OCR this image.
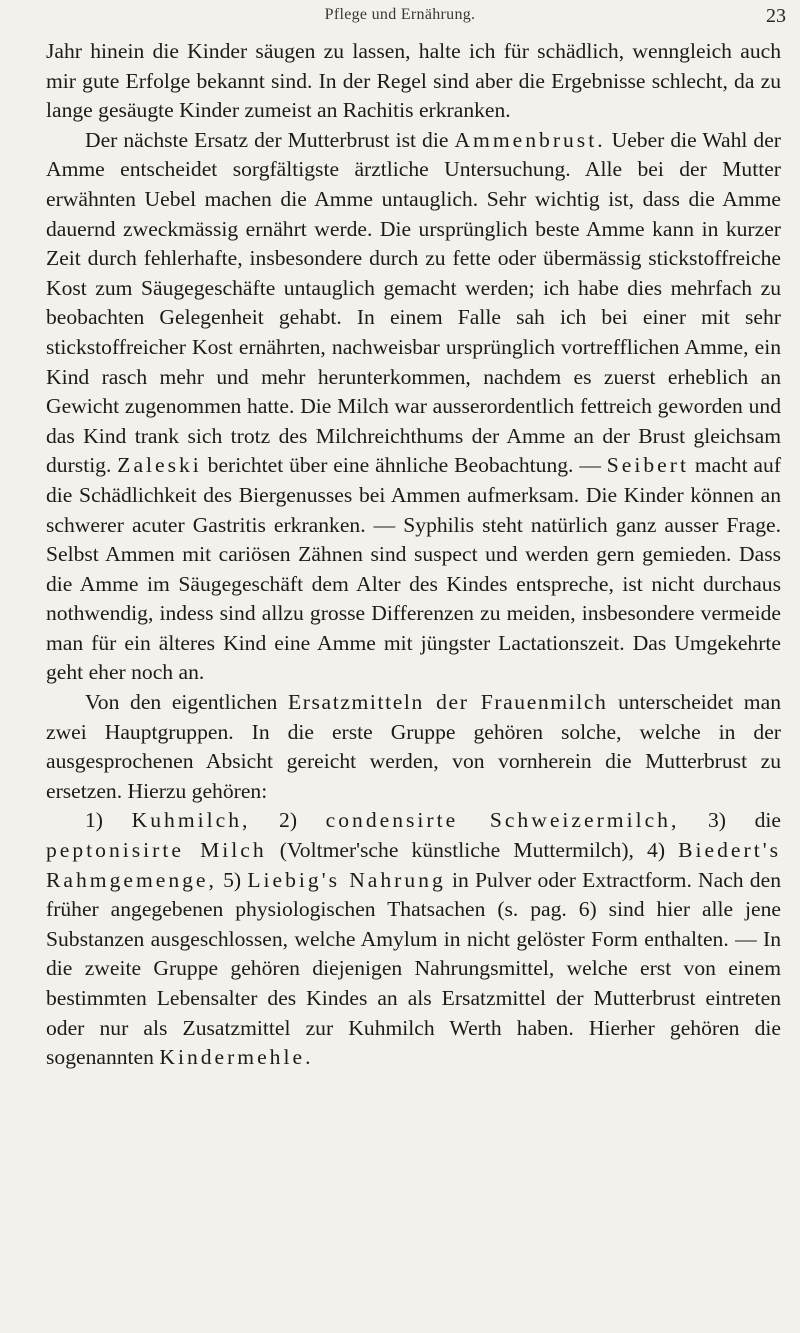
Pflege und Ernährung.	23

Jahr hinein die Kinder säugen zu lassen, halte ich für schädlich, wenngleich auch mir gute Erfolge bekannt sind. In der Regel sind aber die Ergebnisse schlecht, da zu lange gesäugte Kinder zumeist an Rachitis erkranken.

Der nächste Ersatz der Mutterbrust ist die Ammenbrust. Ueber die Wahl der Amme entscheidet sorgfältigste ärztliche Untersuchung. Alle bei der Mutter erwähnten Uebel machen die Amme untauglich. Sehr wichtig ist, dass die Amme dauernd zweckmässig ernährt werde. Die ursprünglich beste Amme kann in kurzer Zeit durch fehlerhafte, insbesondere durch zu fette oder übermässig stickstoffreiche Kost zum Säugegeschäfte untauglich gemacht werden; ich habe dies mehrfach zu beobachten Gelegenheit gehabt. In einem Falle sah ich bei einer mit sehr stickstoffreicher Kost ernährten, nachweisbar ursprünglich vortrefflichen Amme, ein Kind rasch mehr und mehr herunterkommen, nachdem es zuerst erheblich an Gewicht zugenommen hatte. Die Milch war ausserordentlich fettreich geworden und das Kind trank sich trotz des Milchreichthums der Amme an der Brust gleichsam durstig. Zaleski berichtet über eine ähnliche Beobachtung. — Seibert macht auf die Schädlichkeit des Biergenusses bei Ammen aufmerksam. Die Kinder können an schwerer acuter Gastritis erkranken. — Syphilis steht natürlich ganz ausser Frage. Selbst Ammen mit cariösen Zähnen sind suspect und werden gern gemieden. Dass die Amme im Säugegeschäft dem Alter des Kindes entspreche, ist nicht durchaus nothwendig, indess sind allzu grosse Differenzen zu meiden, insbesondere vermeide man für ein älteres Kind eine Amme mit jüngster Lactationszeit. Das Umgekehrte geht eher noch an.

Von den eigentlichen Ersatzmitteln der Frauenmilch unterscheidet man zwei Hauptgruppen. In die erste Gruppe gehören solche, welche in der ausgesprochenen Absicht gereicht werden, von vornherein die Mutterbrust zu ersetzen. Hierzu gehören:

1) Kuhmilch, 2) condensirte Schweizermilch, 3) die peptonisirte Milch (Voltmer'sche künstliche Muttermilch), 4) Biedert's Rahmgemenge, 5) Liebig's Nahrung in Pulver oder Extractform. Nach den früher angegebenen physiologischen Thatsachen (s. pag. 6) sind hier alle jene Substanzen ausgeschlossen, welche Amylum in nicht gelöster Form enthalten. — In die zweite Gruppe gehören diejenigen Nahrungsmittel, welche erst von einem bestimmten Lebensalter des Kindes an als Ersatzmittel der Mutterbrust eintreten oder nur als Zusatzmittel zur Kuhmilch Werth haben. Hierher gehören die sogenannten Kindermehle.
